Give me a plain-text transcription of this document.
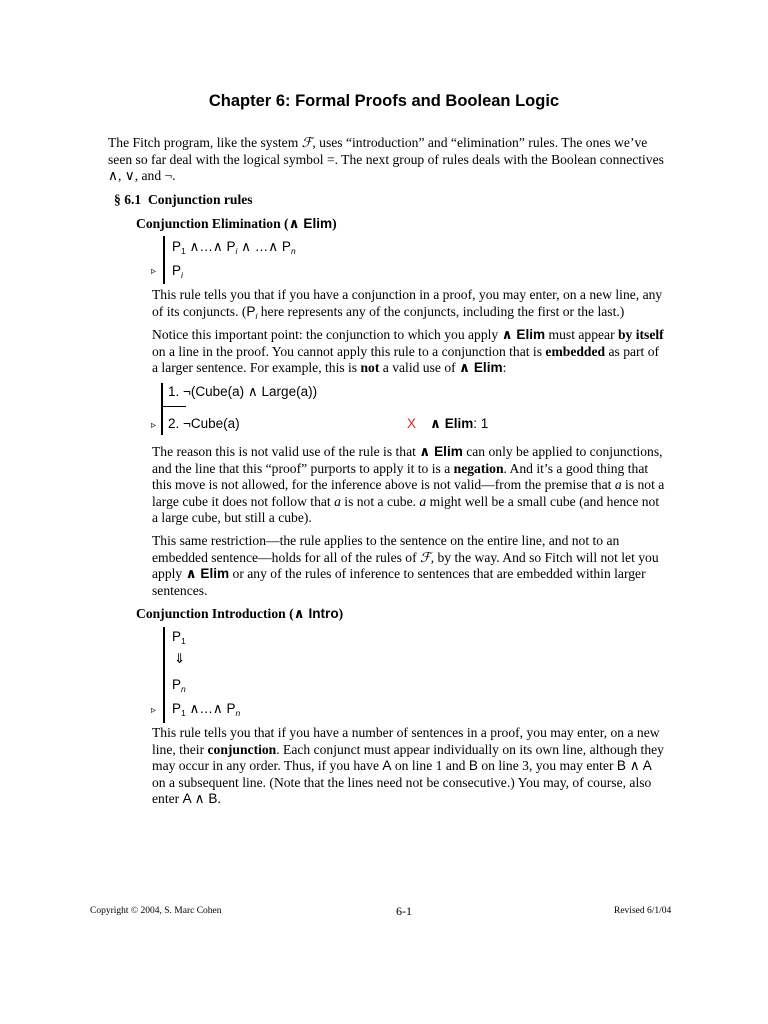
Chapter 6: Formal Proofs and Boolean Logic

The Fitch program, like the system ℱ, uses “introduction” and “elimination” rules. The ones we’ve

seen so far deal with the logical symbol =. The next group of rules deals with the Boolean connectives

∧, ∨, and ¬.

§ 6.1 Conjunction rules
Conjunction Elimination (∧ Elim)
$P_1$ ∧…∧ $P_i$ ∧ …∧ $P_n$
▹ $P_i$

This rule tells you that if you have a conjunction in a proof, you may enter, on a new line, any

of its conjuncts. ($P_i$ here represents any of the conjuncts, including the first or the last.)

Notice this important point: the conjunction to which you apply ∧ Elim must appear by itself

on a line in the proof. You cannot apply this rule to a conjunction that is embedded as part of

a larger sentence. For example, this is not a valid use of ∧ Elim:

1. ¬(Cube(a) ∧ Large(a))
▹ 2. ¬Cube(a)	X ∧ Elim: 1

The reason this is not valid use of the rule is that ∧ Elim can only be applied to conjunctions,

and the line that this “proof” purports to apply it to is a negation. And it’s a good thing that

this move is not allowed, for the inference above is not valid—from the premise that a is not a

large cube it does not follow that a is not a cube. a might well be a small cube (and hence not

a large cube, but still a cube).

This same restriction—the rule applies to the sentence on the entire line, and not to an

embedded sentence—holds for all of the rules of ℱ, by the way. And so Fitch will not let you

apply ∧ Elim or any of the rules of inference to sentences that are embedded within larger

sentences.

Conjunction Introduction (∧ Intro)
$P_1$
⇓
$P_n$
▹ $P_1$ ∧…∧ $P_n$

This rule tells you that if you have a number of sentences in a proof, you may enter, on a new

line, their conjunction. Each conjunct must appear individually on its own line, although they

may occur in any order. Thus, if you have A on line 1 and B on line 3, you may enter B ∧ A

on a subsequent line. (Note that the lines need not be consecutive.) You may, of course, also

enter A ∧ B.

Copyright © 2004, S. Marc Cohen	6-1	Revised 6/1/04
